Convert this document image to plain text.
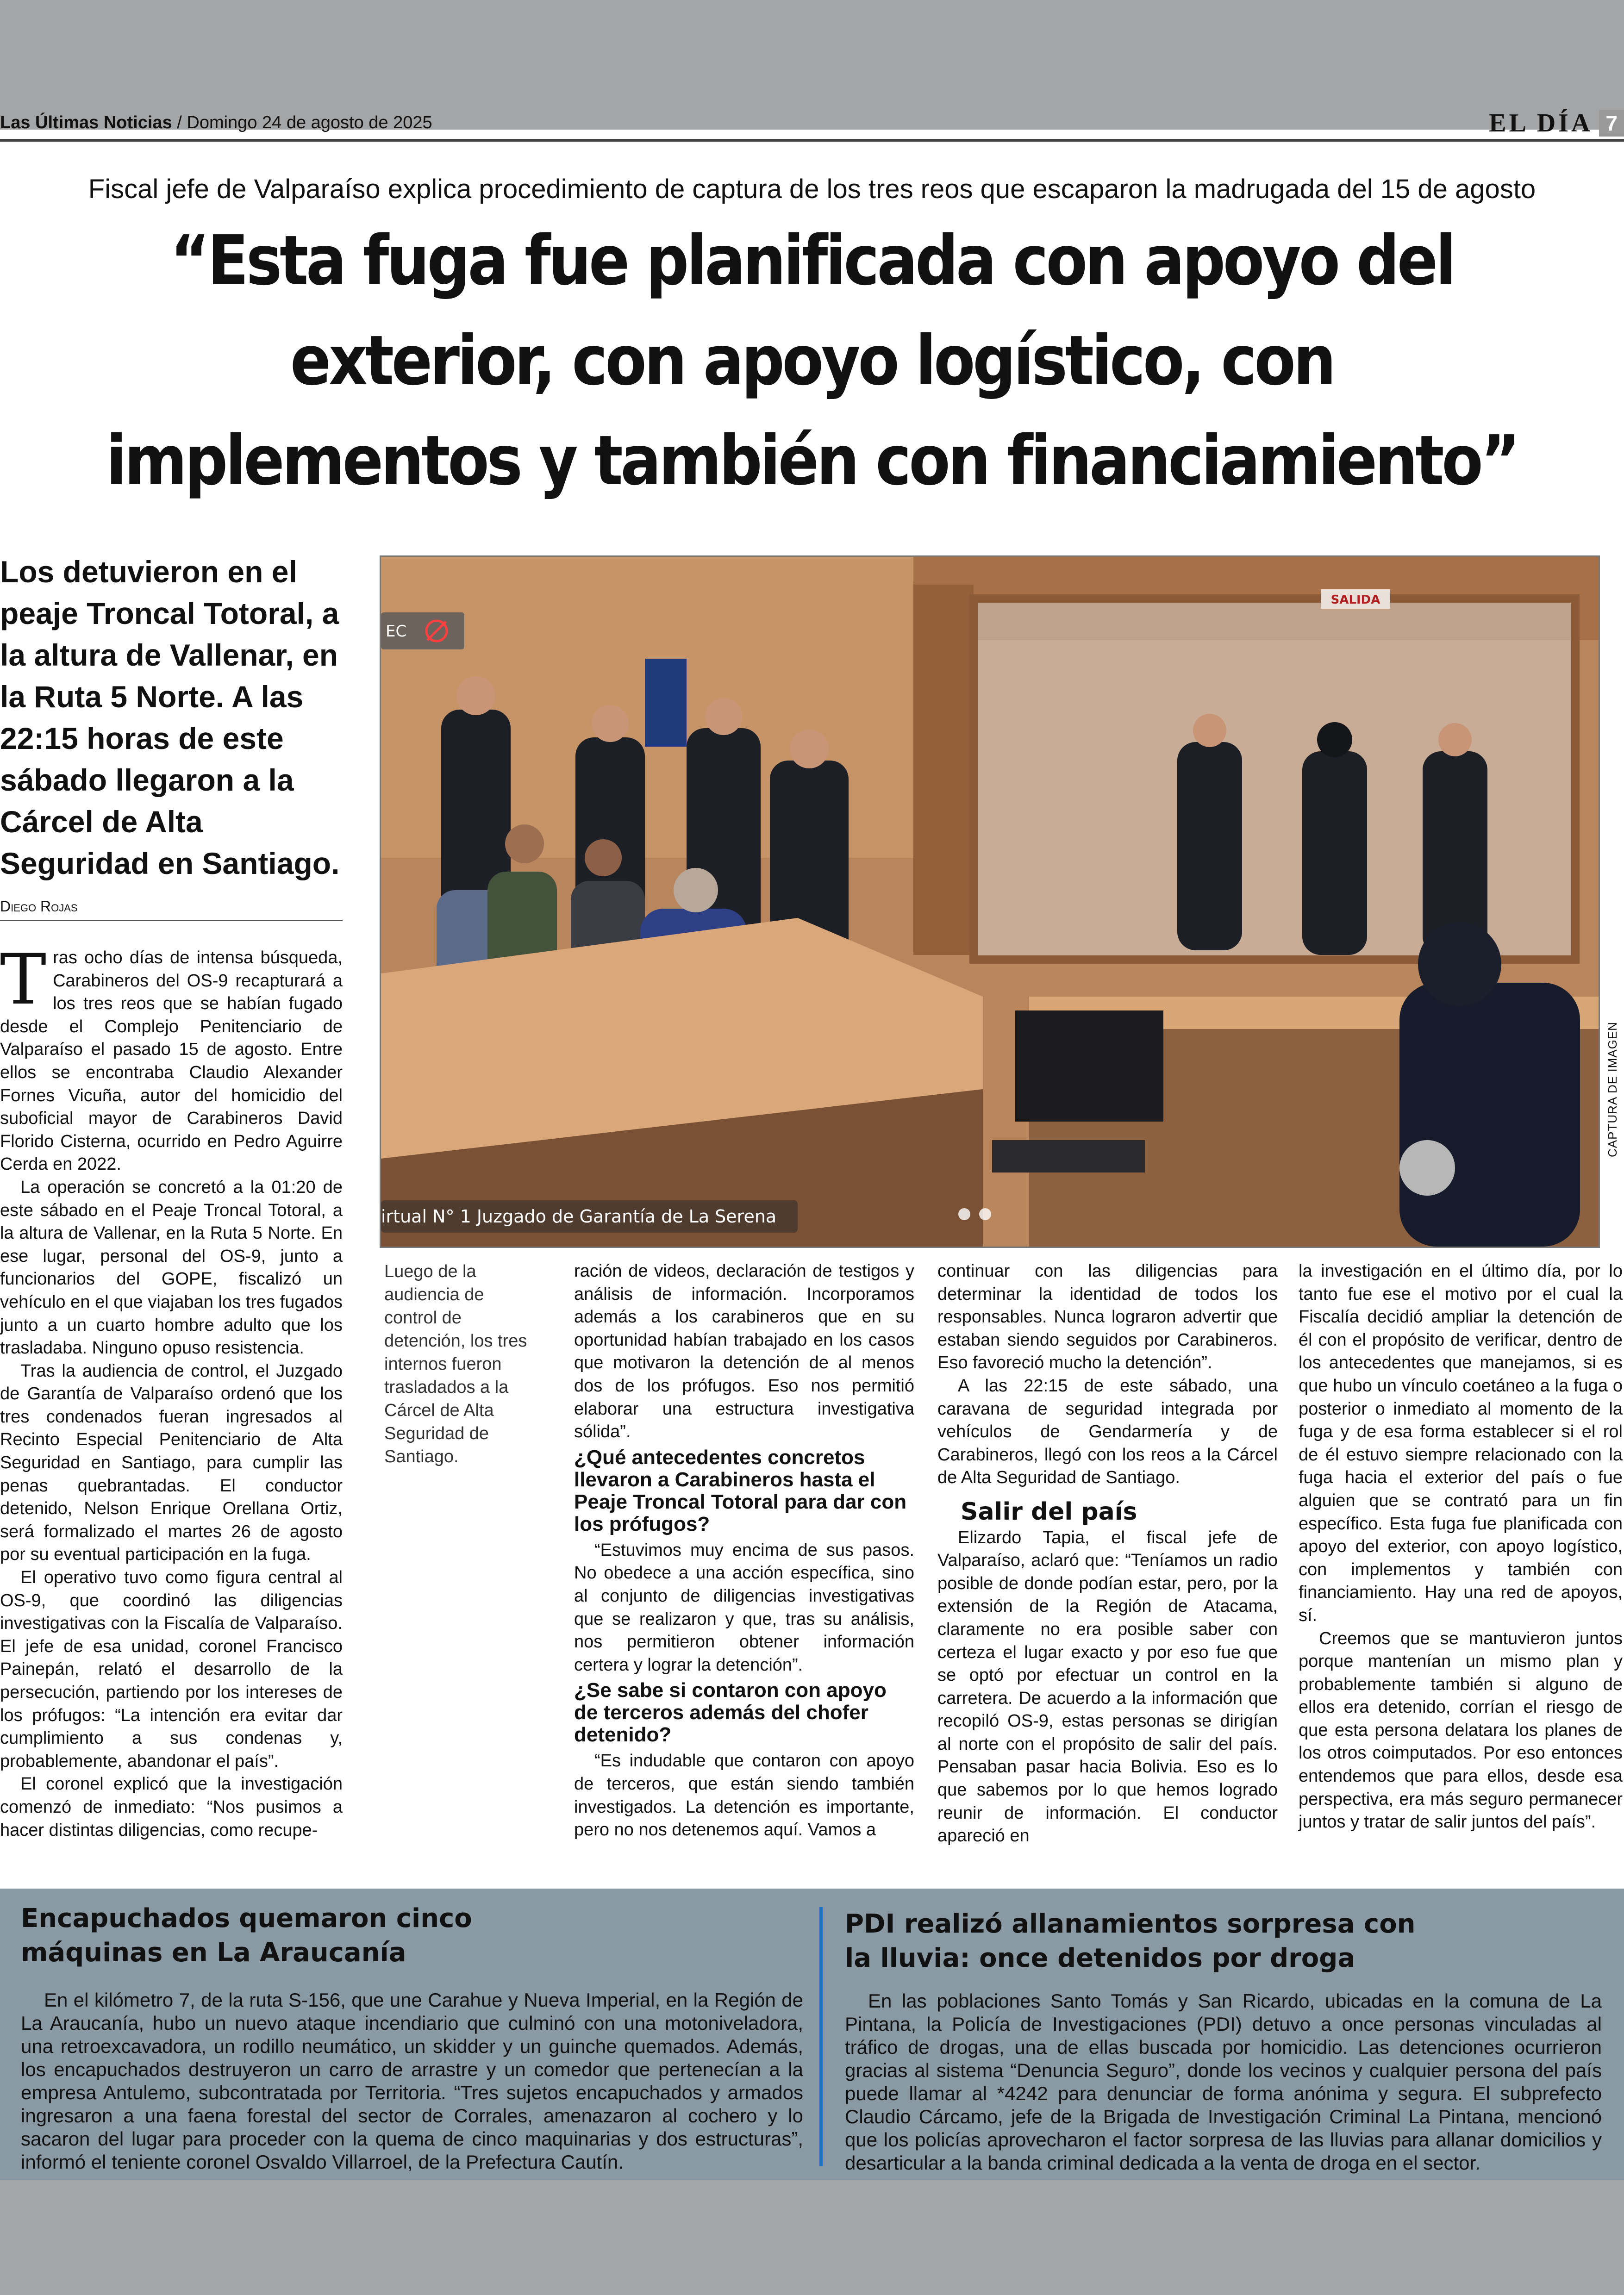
Las Últimas Noticias / Domingo 24 de agosto de 2025	EL DÍA 7
Fiscal jefe de Valparaíso explica procedimiento de captura de los tres reos que escaparon la madrugada del 15 de agosto
“Esta fuga fue planificada con apoyo del exterior, con apoyo logístico, con implementos y también con financiamiento”
Los detuvieron en el peaje Troncal Totoral, a la altura de Vallenar, en la Ruta 5 Norte. A las 22:15 horas de este sábado llegaron a la Cárcel de Alta Seguridad en Santiago.
Diego Rojas
SALIDA
EC
irtual N° 1 Juzgado de Garantía de La Serena
CAPTURA DE IMAGEN
Luego de la audiencia de control de detención, los tres internos fueron trasladados a la Cárcel de Alta Seguridad de Santiago.

Tras ocho días de intensa búsqueda, Carabineros del OS-9 recapturará a los tres reos que se habían fugado desde el Complejo Penitenciario de Valparaíso el pasado 15 de agosto. Entre ellos se encontraba Claudio Alexander Fornes Vicuña, autor del homicidio del suboficial mayor de Carabineros David Florido Cisterna, ocurrido en Pedro Aguirre Cerda en 2022.

La operación se concretó a la 01:20 de este sábado en el Peaje Troncal Totoral, a la altura de Vallenar, en la Ruta 5 Norte. En ese lugar, personal del OS-9, junto a funcionarios del GOPE, fiscalizó un vehículo en el que viajaban los tres fugados junto a un cuarto hombre adulto que los trasladaba. Ninguno opuso resistencia.

Tras la audiencia de control, el Juzgado de Garantía de Valparaíso ordenó que los tres condenados fueran ingresados al Recinto Especial Penitenciario de Alta Seguridad en Santiago, para cumplir las penas quebrantadas. El conductor detenido, Nelson Enrique Orellana Ortiz, será formalizado el martes 26 de agosto por su eventual participación en la fuga.

El operativo tuvo como figura central al OS-9, que coordinó las diligencias investigativas con la Fiscalía de Valparaíso. El jefe de esa unidad, coronel Francisco Painepán, relató el desarrollo de la persecución, partiendo por los intereses de los prófugos: “La intención era evitar dar cumplimiento a sus condenas y, probablemente, abandonar el país”.

El coronel explicó que la investigación comenzó de inmediato: “Nos pusimos a hacer distintas diligencias, como recupe-

ración de videos, declaración de testigos y análisis de información. Incorporamos además a los carabineros que en su oportunidad habían trabajado en los casos que motivaron la detención de al menos dos de los prófugos. Eso nos permitió elaborar una estructura investigativa sólida”.

¿Qué antecedentes concretos llevaron a Carabineros hasta el Peaje Troncal Totoral para dar con los prófugos?

“Estuvimos muy encima de sus pasos. No obedece a una acción específica, sino al conjunto de diligencias investigativas que se realizaron y que, tras su análisis, nos permitieron obtener información certera y lograr la detención”.

¿Se sabe si contaron con apoyo de terceros además del chofer detenido?

“Es indudable que contaron con apoyo de terceros, que están siendo también investigados. La detención es importante, pero no nos detenemos aquí. Vamos a

continuar con las diligencias para determinar la identidad de todos los responsables. Nunca lograron advertir que estaban siendo seguidos por Carabineros. Eso favoreció mucho la detención”.

A las 22:15 de este sábado, una caravana de seguridad integrada por vehículos de Gendarmería y de Carabineros, llegó con los reos a la Cárcel de Alta Seguridad de Santiago.

Salir del país

Elizardo Tapia, el fiscal jefe de Valparaíso, aclaró que: “Teníamos un radio posible de donde podían estar, pero, por la extensión de la Región de Atacama, claramente no era posible saber con certeza el lugar exacto y por eso fue que se optó por efectuar un control en la carretera. De acuerdo a la información que recopiló OS-9, estas personas se dirigían al norte con el propósito de salir del país. Pensaban pasar hacia Bolivia. Eso es lo que sabemos por lo que hemos logrado reunir de información. El conductor apareció en

la investigación en el último día, por lo tanto fue ese el motivo por el cual la Fiscalía decidió ampliar la detención de él con el propósito de verificar, dentro de los antecedentes que manejamos, si es que hubo un vínculo coetáneo a la fuga o posterior o inmediato al momento de la fuga y de esa forma establecer si el rol de él estuvo siempre relacionado con la fuga hacia el exterior del país o fue alguien que se contrató para un fin específico. Esta fuga fue planificada con apoyo del exterior, con apoyo logístico, con implementos y también con financiamiento. Hay una red de apoyos, sí.

Creemos que se mantuvieron juntos porque mantenían un mismo plan y probablemente también si alguno de ellos era detenido, corrían el riesgo de que esta persona delatara los planes de los otros coimputados. Por eso entonces entendemos que para ellos, desde esa perspectiva, era más seguro permanecer juntos y tratar de salir juntos del país”.

Encapuchados quemaron cinco máquinas en La Araucanía
En el kilómetro 7, de la ruta S-156, que une Carahue y Nueva Imperial, en la Región de La Araucanía, hubo un nuevo ataque incendiario que culminó con una motoniveladora, una retroexcavadora, un rodillo neumático, un skidder y un guinche quemados. Además, los encapuchados destruyeron un carro de arrastre y un comedor que pertenecían a la empresa Antulemo, subcontratada por Territoria. “Tres sujetos encapuchados y armados ingresaron a una faena forestal del sector de Corrales, amenazaron al cochero y lo sacaron del lugar para proceder con la quema de cinco maquinarias y dos estructuras”, informó el teniente coronel Osvaldo Villarroel, de la Prefectura Cautín.
PDI realizó allanamientos sorpresa con la lluvia: once detenidos por droga
En las poblaciones Santo Tomás y San Ricardo, ubicadas en la comuna de La Pintana, la Policía de Investigaciones (PDI) detuvo a once personas vinculadas al tráfico de drogas, una de ellas buscada por homicidio. Las detenciones ocurrieron gracias al sistema “Denuncia Seguro”, donde los vecinos y cualquier persona del país puede llamar al *4242 para denunciar de forma anónima y segura. El subprefecto Claudio Cárcamo, jefe de la Brigada de Investigación Criminal La Pintana, mencionó que los policías aprovecharon el factor sorpresa de las lluvias para allanar domicilios y desarticular a la banda criminal dedicada a la venta de droga en el sector.
